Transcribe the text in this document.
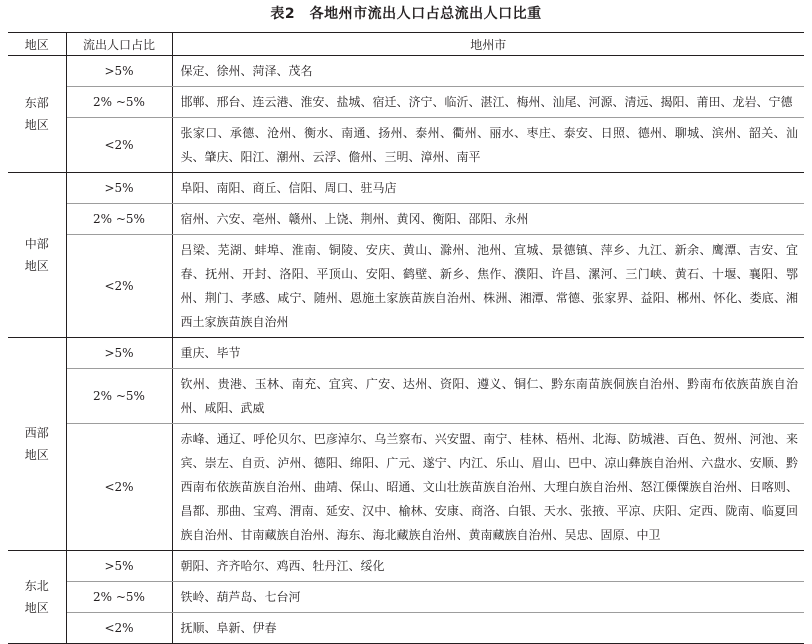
表2　各地州市流出人口占总流出人口比重
地区	流出人口占比	地州市
东部地区	>5%	保定、徐州、菏泽、茂名
	2% ~5%	邯郸、邢台、连云港、淮安、盐城、宿迁、济宁、临沂、湛江、梅州、汕尾、河源、清远、揭阳、莆田、龙岩、宁德
	<2%	张家口、承德、沧州、衡水、南通、扬州、泰州、衢州、丽水、枣庄、泰安、日照、德州、聊城、滨州、韶关、汕头、肇庆、阳江、潮州、云浮、儋州、三明、漳州、南平
中部地区	>5%	阜阳、南阳、商丘、信阳、周口、驻马店
	2% ~5%	宿州、六安、亳州、赣州、上饶、荆州、黄冈、衡阳、邵阳、永州
	<2%	吕梁、芜湖、蚌埠、淮南、铜陵、安庆、黄山、滁州、池州、宣城、景德镇、萍乡、九江、新余、鹰潭、吉安、宜春、抚州、开封、洛阳、平顶山、安阳、鹤壁、新乡、焦作、濮阳、许昌、漯河、三门峡、黄石、十堰、襄阳、鄂州、荆门、孝感、咸宁、随州、恩施土家族苗族自治州、株洲、湘潭、常德、张家界、益阳、郴州、怀化、娄底、湘西土家族苗族自治州
西部地区	>5%	重庆、毕节
	2% ~5%	钦州、贵港、玉林、南充、宜宾、广安、达州、资阳、遵义、铜仁、黔东南苗族侗族自治州、黔南布依族苗族自治州、咸阳、武威
	<2%	赤峰、通辽、呼伦贝尔、巴彦淖尔、乌兰察布、兴安盟、南宁、桂林、梧州、北海、防城港、百色、贺州、河池、来宾、崇左、自贡、泸州、德阳、绵阳、广元、遂宁、内江、乐山、眉山、巴中、凉山彝族自治州、六盘水、安顺、黔西南布依族苗族自治州、曲靖、保山、昭通、文山壮族苗族自治州、大理白族自治州、怒江傈僳族自治州、日喀则、昌都、那曲、宝鸡、渭南、延安、汉中、榆林、安康、商洛、白银、天水、张掖、平凉、庆阳、定西、陇南、临夏回族自治州、甘南藏族自治州、海东、海北藏族自治州、黄南藏族自治州、吴忠、固原、中卫
东北地区	>5%	朝阳、齐齐哈尔、鸡西、牡丹江、绥化
	2% ~5%	铁岭、葫芦岛、七台河
	<2%	抚顺、阜新、伊春
